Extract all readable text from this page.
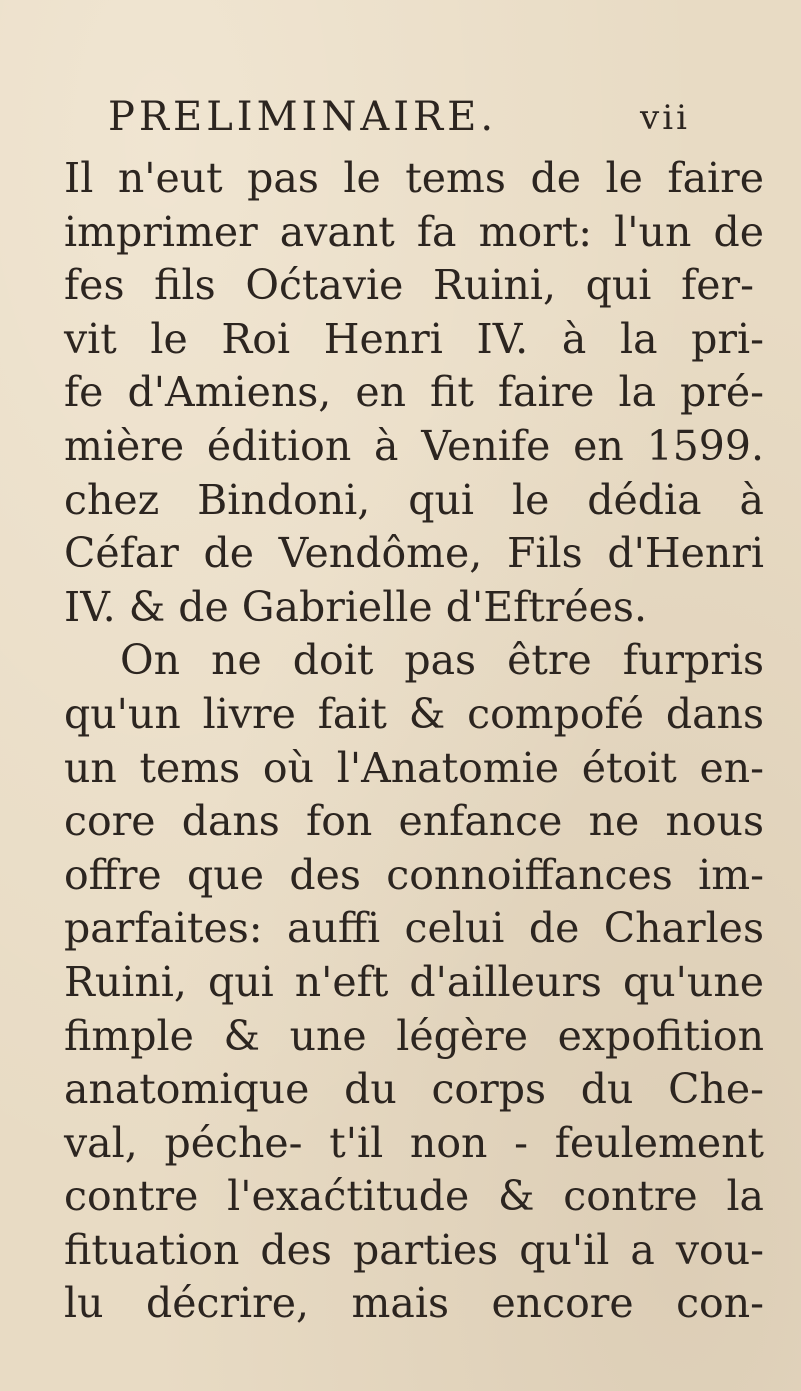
PRELIMINAIRE.	vii
Il n'eut pas le tems de le faire
imprimer avant fa mort: l'un de
fes fils Oćtavie Ruini, qui fer-
vit le Roi Henri IV. à la pri-
fe d'Amiens, en fit faire la pré-
mière édition à Venife en 1599.
chez Bindoni, qui le dédia à
Céfar de Vendôme, Fils d'Henri
IV. & de Gabrielle d'Eftrées.
On ne doit pas être furpris
qu'un livre fait & compofé dans
un tems où l'Anatomie étoit en-
core dans fon enfance ne nous
offre que des connoiffances im-
parfaites: auffi celui de Charles
Ruini, qui n'eft d'ailleurs qu'une
fimple & une légère expofition
anatomique du corps du Che-
val, péche- t'il non - feulement
contre l'exaćtitude & contre la
fituation des parties qu'il a vou-
lu décrire, mais encore con-
